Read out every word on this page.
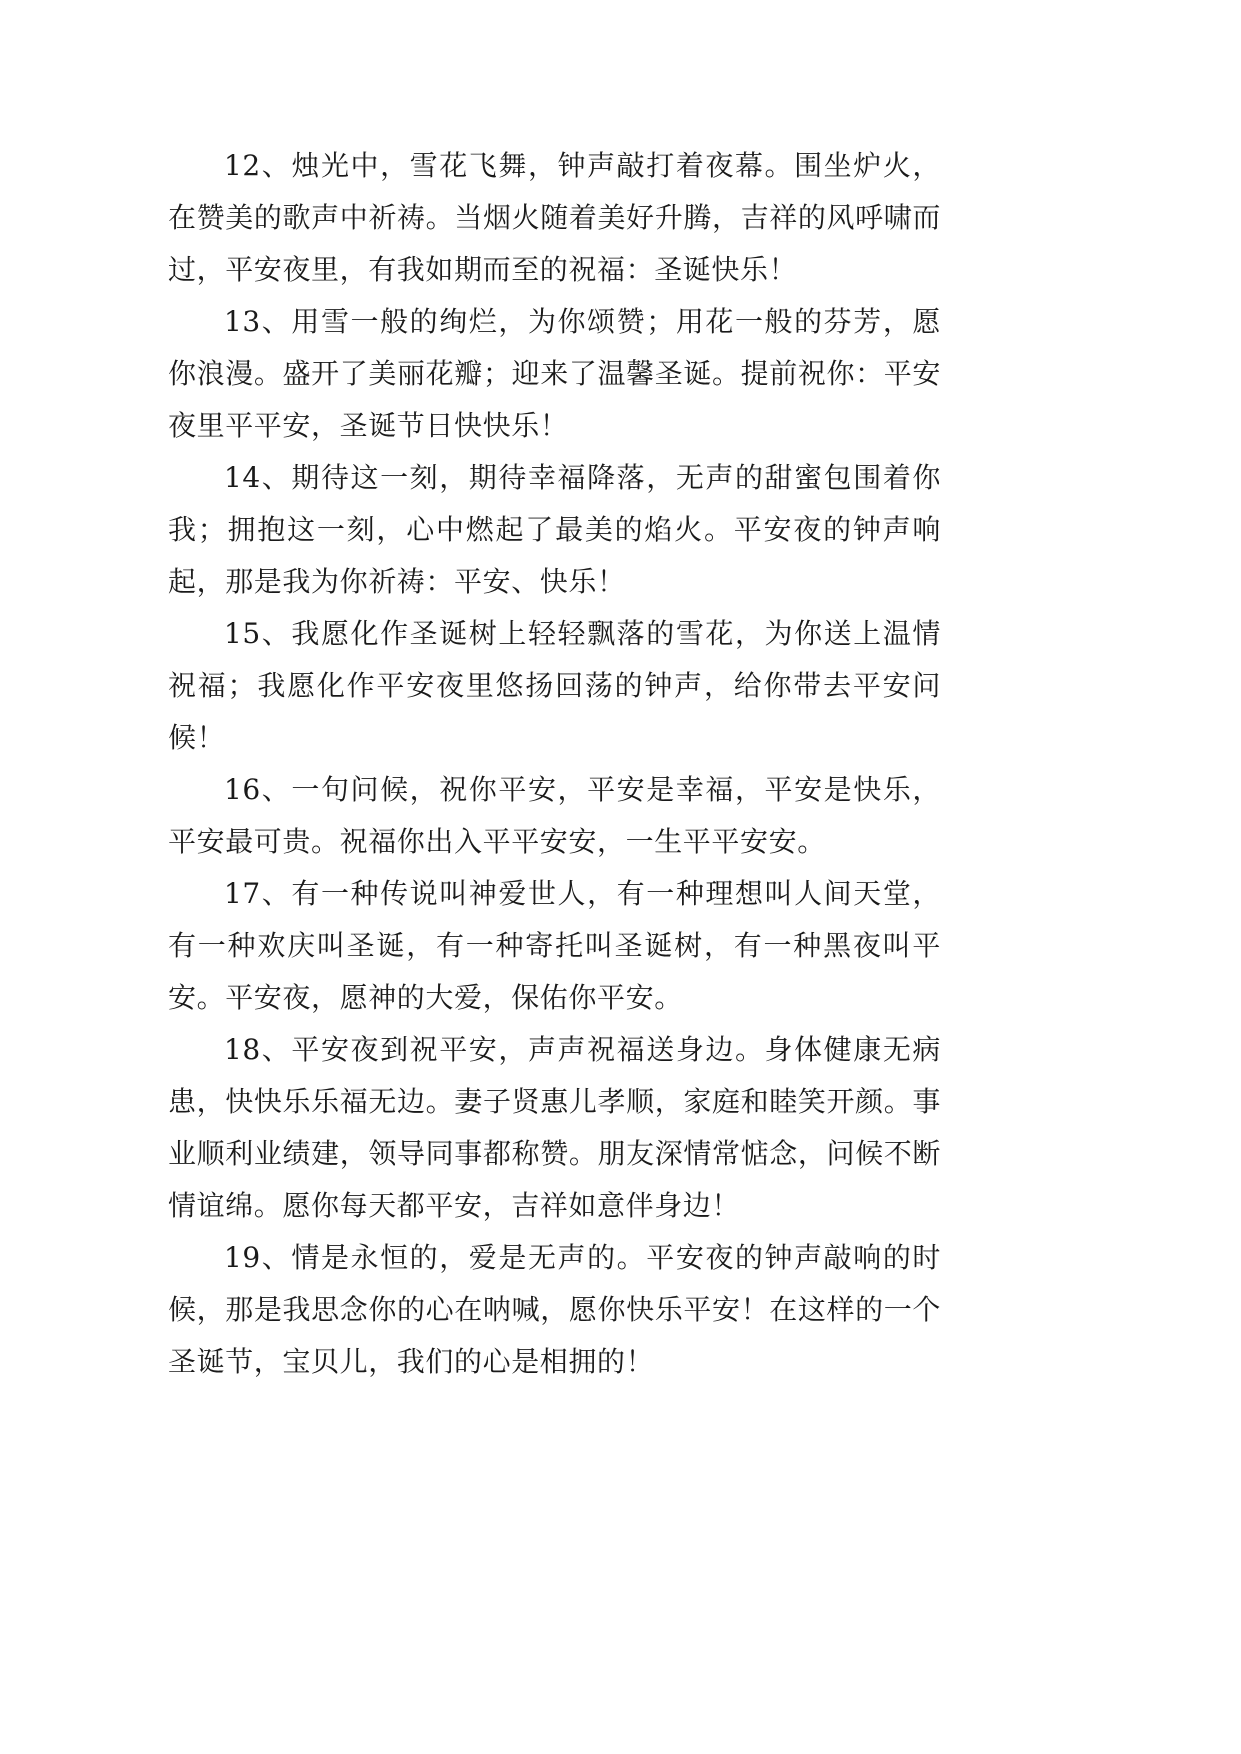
12、烛光中，雪花飞舞，钟声敲打着夜幕。围坐炉火，在赞美的歌声中祈祷。当烟火随着美好升腾，吉祥的风呼啸而过，平安夜里，有我如期而至的祝福：圣诞快乐！

13、用雪一般的绚烂，为你颂赞；用花一般的芬芳，愿你浪漫。盛开了美丽花瓣；迎来了温馨圣诞。提前祝你：平安夜里平平安，圣诞节日快快乐！

14、期待这一刻，期待幸福降落，无声的甜蜜包围着你我；拥抱这一刻，心中燃起了最美的焰火。平安夜的钟声响起，那是我为你祈祷：平安、快乐！

15、我愿化作圣诞树上轻轻飘落的雪花，为你送上温情祝福；我愿化作平安夜里悠扬回荡的钟声，给你带去平安问候！

16、一句问候，祝你平安，平安是幸福，平安是快乐，平安最可贵。祝福你出入平平安安，一生平平安安。

17、有一种传说叫神爱世人，有一种理想叫人间天堂，有一种欢庆叫圣诞，有一种寄托叫圣诞树，有一种黑夜叫平安。平安夜，愿神的大爱，保佑你平安。

18、平安夜到祝平安，声声祝福送身边。身体健康无病患，快快乐乐福无边。妻子贤惠儿孝顺，家庭和睦笑开颜。事业顺利业绩建，领导同事都称赞。朋友深情常惦念，问候不断情谊绵。愿你每天都平安，吉祥如意伴身边！

19、情是永恒的，爱是无声的。平安夜的钟声敲响的时候，那是我思念你的心在呐喊，愿你快乐平安！在这样的一个圣诞节，宝贝儿，我们的心是相拥的！
